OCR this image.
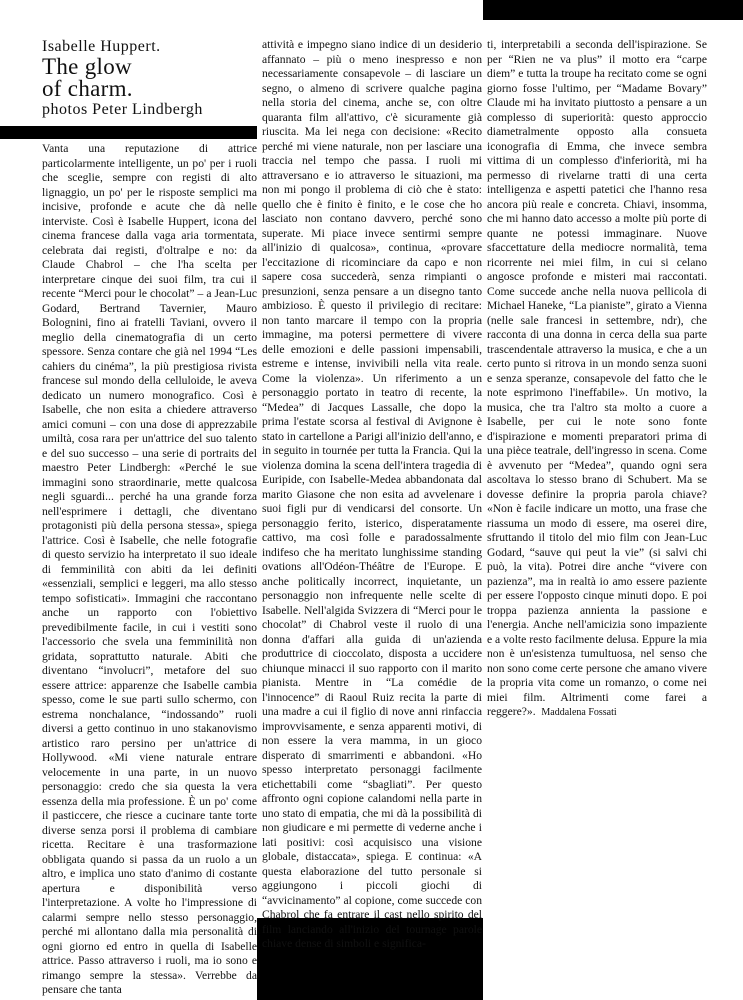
Isabelle Huppert.
The glow
of charm.
photos Peter Lindbergh

Vanta una reputazione di attrice particolarmente intelligente, un po' per i ruoli che sceglie, sempre con registi di alto lignaggio, un po' per le risposte semplici ma incisive, profonde e acute che dà nelle interviste. Così è Isabelle Huppert, icona del cinema francese dalla vaga aria tormentata, celebrata dai registi, d'oltralpe e no: da Claude Chabrol – che l'ha scelta per interpretare cinque dei suoi film, tra cui il recente “Merci pour le chocolat” – a Jean-Luc Godard, Bertrand Tavernier, Mauro Bolognini, fino ai fratelli Taviani, ovvero il meglio della cinematografia di un certo spessore. Senza contare che già nel 1994 “Les cahiers du cinéma”, la più prestigiosa rivista francese sul mondo della celluloide, le aveva dedicato un numero monografico. Così è Isabelle, che non esita a chiedere attraverso amici comuni – con una dose di apprezzabile umiltà, cosa rara per un'attrice del suo talento e del suo successo – una serie di portraits del maestro Peter Lindbergh: «Perché le sue immagini sono straordinarie, mette qualcosa negli sguardi... perché ha una grande forza nell'esprimere i dettagli, che diventano protagonisti più della persona stessa», spiega l'attrice. Così è Isabelle, che nelle fotografie di questo servizio ha interpretato il suo ideale di femminilità con abiti da lei definiti «essenziali, semplici e leggeri, ma allo stesso tempo sofisticati». Immagini che raccontano anche un rapporto con l'obiettivo prevedibilmente facile, in cui i vestiti sono l'accessorio che svela una femminilità non gridata, soprattutto naturale. Abiti che diventano “involucri”, metafore del suo essere attrice: apparenze che Isabelle cambia spesso, come le sue parti sullo schermo, con estrema nonchalance, “indossando” ruoli diversi a getto continuo in uno stakanovismo artistico raro persino per un'attrice di Hollywood. «Mi viene naturale entrare velocemente in una parte, in un nuovo personaggio: credo che sia questa la vera essenza della mia professione. È un po' come il pasticcere, che riesce a cucinare tante torte diverse senza porsi il problema di cambiare ricetta. Recitare è una trasformazione obbligata quando si passa da un ruolo a un altro, e implica uno stato d'animo di costante apertura e disponibilità verso l'interpretazione. A volte ho l'impressione di calarmi sempre nello stesso personaggio, perché mi allontano dalla mia personalità di ogni giorno ed entro in quella di Isabelle attrice. Passo attraverso i ruoli, ma io sono e rimango sempre la stessa». Verrebbe da pensare che tanta

attività e impegno siano indice di un desiderio affannato – più o meno inespresso e non necessariamente consapevole – di lasciare un segno, o almeno di scrivere qualche pagina nella storia del cinema, anche se, con oltre quaranta film all'attivo, c'è sicuramente già riuscita. Ma lei nega con decisione: «Recito perché mi viene naturale, non per lasciare una traccia nel tempo che passa. I ruoli mi attraversano e io attraverso le situazioni, ma non mi pongo il problema di ciò che è stato: quello che è finito è finito, e le cose che ho lasciato non contano davvero, perché sono superate. Mi piace invece sentirmi sempre all'inizio di qualcosa», continua, «provare l'eccitazione di ricominciare da capo e non sapere cosa succederà, senza rimpianti o presunzioni, senza pensare a un disegno tanto ambizioso. È questo il privilegio di recitare: non tanto marcare il tempo con la propria immagine, ma potersi permettere di vivere delle emozioni e delle passioni impensabili, estreme e intense, invivibili nella vita reale. Come la violenza». Un riferimento a un personaggio portato in teatro di recente, la “Medea” di Jacques Lassalle, che dopo la prima l'estate scorsa al festival di Avignone è stato in cartellone a Parigi all'inizio dell'anno, e in seguito in tournée per tutta la Francia. Qui la violenza domina la scena dell'intera tragedia di Euripide, con Isabelle-Medea abbandonata dal marito Giasone che non esita ad avvelenare i suoi figli pur di vendicarsi del consorte. Un personaggio ferito, isterico, disperatamente cattivo, ma così folle e paradossalmente indifeso che ha meritato lunghissime standing ovations all'Odéon-Théâtre de l'Europe. E anche politically incorrect, inquietante, un personaggio non infrequente nelle scelte di Isabelle. Nell'algida Svizzera di “Merci pour le chocolat” di Chabrol veste il ruolo di una donna d'affari alla guida di un'azienda produttrice di cioccolato, disposta a uccidere chiunque minacci il suo rapporto con il marito pianista. Mentre in “La comédie de l'innocence” di Raoul Ruiz recita la parte di una madre a cui il figlio di nove anni rinfaccia improvvisamente, e senza apparenti motivi, di non essere la vera mamma, in un gioco disperato di smarrimenti e abbandoni. «Ho spesso interpretato personaggi facilmente etichettabili come “sbagliati”. Per questo affronto ogni copione calandomi nella parte in uno stato di empatia, che mi dà la possibilità di non giudicare e mi permette di vederne anche i lati positivi: così acquisisco una visione globale, distaccata», spiega. E continua: «A questa elaborazione del tutto personale si aggiungono i piccoli giochi di “avvicinamento” al copione, come succede con Chabrol che fa entrare il cast nello spirito del film lanciando all'inizio del tournage parole chiave dense di simboli e significa-

ti, interpretabili a seconda dell'ispirazione. Se per “Rien ne va plus” il motto era “carpe diem” e tutta la troupe ha recitato come se ogni giorno fosse l'ultimo, per “Madame Bovary” Claude mi ha invitato piuttosto a pensare a un complesso di superiorità: questo approccio diametralmente opposto alla consueta iconografia di Emma, che invece sembra vittima di un complesso d'inferiorità, mi ha permesso di rivelarne tratti di una certa intelligenza e aspetti patetici che l'hanno resa ancora più reale e concreta. Chiavi, insomma, che mi hanno dato accesso a molte più porte di quante ne potessi immaginare. Nuove sfaccettature della mediocre normalità, tema ricorrente nei miei film, in cui si celano angosce profonde e misteri mai raccontati. Come succede anche nella nuova pellicola di Michael Haneke, “La pianiste”, girato a Vienna (nelle sale francesi in settembre, ndr), che racconta di una donna in cerca della sua parte trascendentale attraverso la musica, e che a un certo punto si ritrova in un mondo senza suoni e senza speranze, consapevole del fatto che le note esprimono l'ineffabile». Un motivo, la musica, che tra l'altro sta molto a cuore a Isabelle, per cui le note sono fonte d'ispirazione e momenti preparatori prima di una pièce teatrale, dell'ingresso in scena. Come è avvenuto per “Medea”, quando ogni sera ascoltava lo stesso brano di Schubert. Ma se dovesse definire la propria parola chiave? «Non è facile indicare un motto, una frase che riassuma un modo di essere, ma oserei dire, sfruttando il titolo del mio film con Jean-Luc Godard, “sauve qui peut la vie” (si salvi chi può, la vita). Potrei dire anche “vivere con pazienza”, ma in realtà io amo essere paziente per essere l'opposto cinque minuti dopo. E poi troppa pazienza annienta la passione e l'energia. Anche nell'amicizia sono impaziente e a volte resto facilmente delusa. Eppure la mia non è un'esistenza tumultuosa, nel senso che non sono come certe persone che amano vivere la propria vita come un romanzo, o come nei miei film. Altrimenti come farei a reggere?». Maddalena Fossati
